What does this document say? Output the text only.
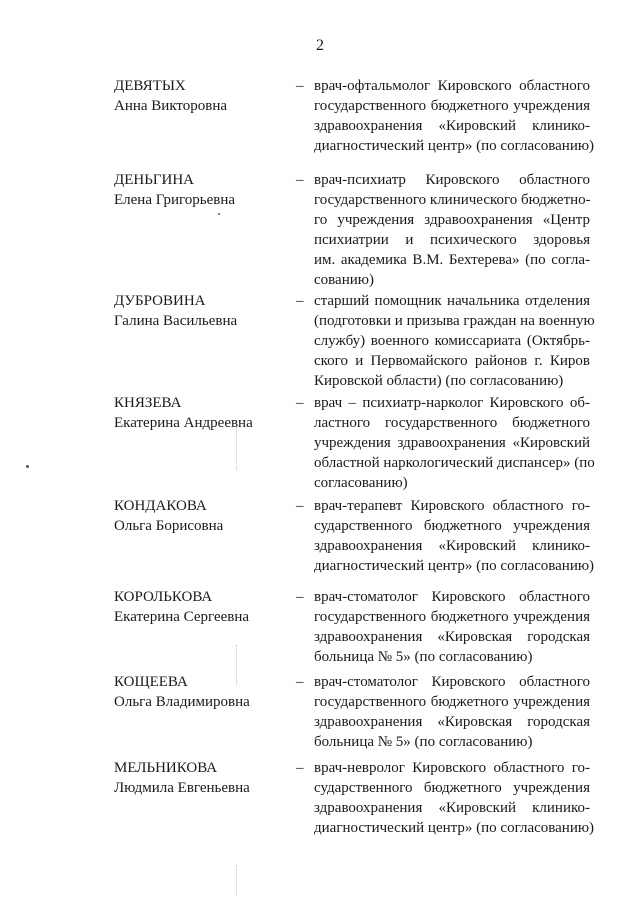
2
ДЕВЯТЫХ
Анна Викторовна
– врач-офтальмолог Кировского областного
государственного бюджетного учреждения
здравоохранения «Кировский клинико-
диагностический центр» (по согласованию)
ДЕНЬГИНА
Елена Григорьевна
– врач-психиатр Кировского областного
государственного клинического бюджетно-
го учреждения здравоохранения «Центр
психиатрии и психического здоровья
им. академика В.М. Бехтерева» (по согла-
сованию)
ДУБРОВИНА
Галина Васильевна
– старший помощник начальника отделения
(подготовки и призыва граждан на военную
службу) военного комиссариата (Октябрь-
ского и Первомайского районов г. Киров
Кировской области) (по согласованию)
КНЯЗЕВА
Екатерина Андреевна
– врач – психиатр-нарколог Кировского об-
ластного государственного бюджетного
учреждения здравоохранения «Кировский
областной наркологический диспансер» (по
согласованию)
КОНДАКОВА
Ольга Борисовна
– врач-терапевт Кировского областного го-
сударственного бюджетного учреждения
здравоохранения «Кировский клинико-
диагностический центр» (по согласованию)
КОРОЛЬКОВА
Екатерина Сергеевна
– врач-стоматолог Кировского областного
государственного бюджетного учреждения
здравоохранения «Кировская городская
больница № 5» (по согласованию)
КОЩЕЕВА
Ольга Владимировна
– врач-стоматолог Кировского областного
государственного бюджетного учреждения
здравоохранения «Кировская городская
больница № 5» (по согласованию)
МЕЛЬНИКОВА
Людмила Евгеньевна
– врач-невролог Кировского областного го-
сударственного бюджетного учреждения
здравоохранения «Кировский клинико-
диагностический центр» (по согласованию)
